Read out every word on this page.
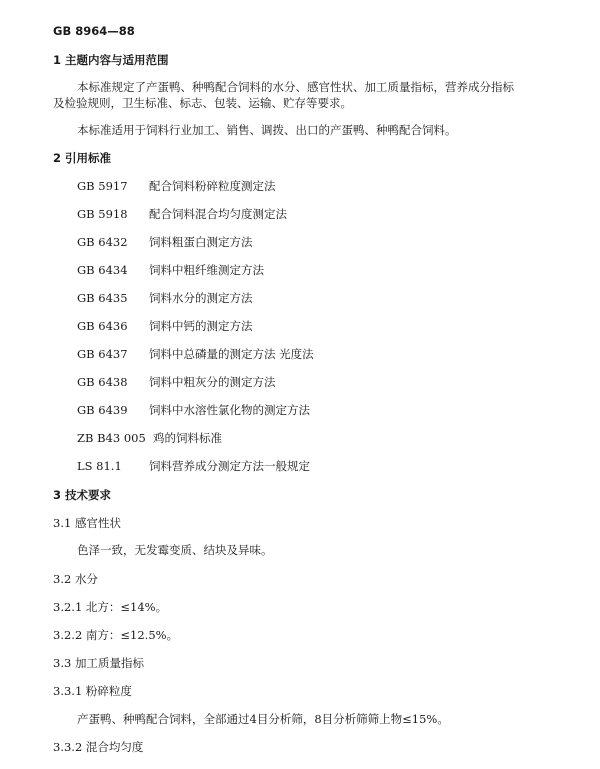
GB 8964—88
1 主题内容与适用范围
本标准规定了产蛋鸭、种鸭配合饲料的水分、感官性状、加工质量指标，营养成分指标
及检验规则，卫生标准、标志、包装、运输、贮存等要求。
本标准适用于饲料行业加工、销售、调拨、出口的产蛋鸭、种鸭配合饲料。
2 引用标准
GB 5917 配合饲料粉碎粒度测定法
GB 5918 配合饲料混合均匀度测定法
GB 6432 饲料粗蛋白测定方法
GB 6434 饲料中粗纤维测定方法
GB 6435 饲料水分的测定方法
GB 6436 饲料中钙的测定方法
GB 6437 饲料中总磷量的测定方法 光度法
GB 6438 饲料中粗灰分的测定方法
GB 6439 饲料中水溶性氯化物的测定方法
ZB B43 005 鸡的饲料标准
LS 81.1 饲料营养成分测定方法一般规定
3 技术要求
3.1 感官性状
色泽一致，无发霉变质、结块及异味。
3.2 水分
3.2.1 北方：≤14%。
3.2.2 南方：≤12.5%。
3.3 加工质量指标
3.3.1 粉碎粒度
产蛋鸭、种鸭配合饲料，全部通过4目分析筛，8目分析筛筛上物≤15%。
3.3.2 混合均匀度
